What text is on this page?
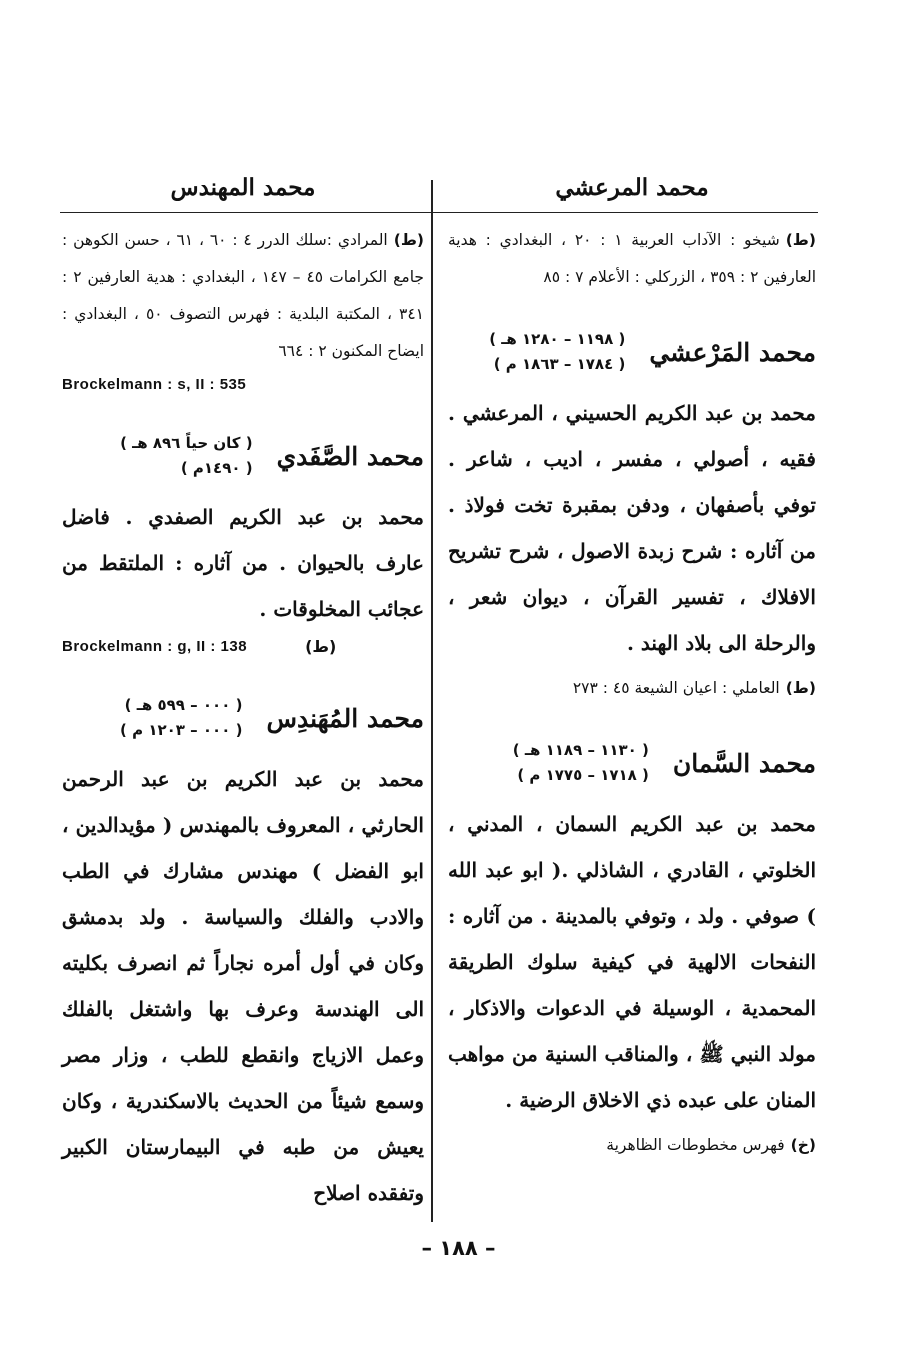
محمد المرعشي

(ط)شيخو : الآداب العربية ١ : ٢٠ ، البغدادي : هدية العارفين ٢ : ٣٥٩ ، الزركلي : الأعلام ٧ : ٨٥

محمد المَرْعشي
( ١١٩٨ – ١٢٨٠ هـ )
( ١٧٨٤ – ١٨٦٣ م )

محمد بن عبد الكريم الحسيني ، المرعشي . فقيه ، أصولي ، مفسر ، اديب ، شاعر . توفي بأصفهان ، ودفن بمقبرة تخت فولاذ . من آثاره : شرح زبدة الاصول ، شرح تشريح الافلاك ، تفسير القرآن ، ديوان شعر ، والرحلة الى بلاد الهند .

(ط)العاملي : اعيان الشيعة ٤٥ : ٢٧٣

محمد السَّمان
( ١١٣٠ – ١١٨٩ هـ )
( ١٧١٨ – ١٧٧٥ م )

محمد بن عبد الكريم السمان ، المدني ، الخلوتي ، القادري ، الشاذلي .( ابو عبد الله ) صوفي . ولد ، وتوفي بالمدينة . من آثاره : النفحات الالهية في كيفية سلوك الطريقة المحمدية ، الوسيلة في الدعوات والاذكار ، مولد النبي ﷺ ، والمناقب السنية من مواهب المنان على عبده ذي الاخلاق الرضية .

(خ)فهرس مخطوطات الظاهرية

محمد المهندس

(ط)المرادي :سلك الدرر ٤ : ٦٠ ، ٦١ ، حسن الكوهن : جامع الكرامات ٤٥ – ١٤٧ ، البغدادي : هدية العارفين ٢ : ٣٤١ ، المكتبة البلدية : فهرس التصوف ٥٠ ، البغدادي : ايضاح المكنون ٢ : ٦٦٤

Brockelmann : s, II : 535
محمد الصَّفَدي
( كان حياً ٨٩٦ هـ )
( ١٤٩٠م )

محمد بن عبد الكريم الصفدي . فاضل عارف بالحيوان . من آثاره : الملتقط من عجائب المخلوقات .

Brockelmann : g, II : 138	(ط)
محمد المُهَندِس
( ٠٠٠ – ٥٩٩ هـ )
( ٠٠٠ – ١٢٠٣ م )

محمد بن عبد الكريم بن عبد الرحمن الحارثي ، المعروف بالمهندس ( مؤيدالدين ، ابو الفضل ) مهندس مشارك في الطب والادب والفلك والسياسة . ولد بدمشق وكان في أول أمره نجاراً ثم انصرف بكليته الى الهندسة وعرف بها واشتغل بالفلك وعمل الازياج وانقطع للطب ، وزار مصر وسمع شيئاً من الحديث بالاسكندرية ، وكان يعيش من طبه في البيمارستان الكبير وتفقده اصلاح

– ١٨٨ –
